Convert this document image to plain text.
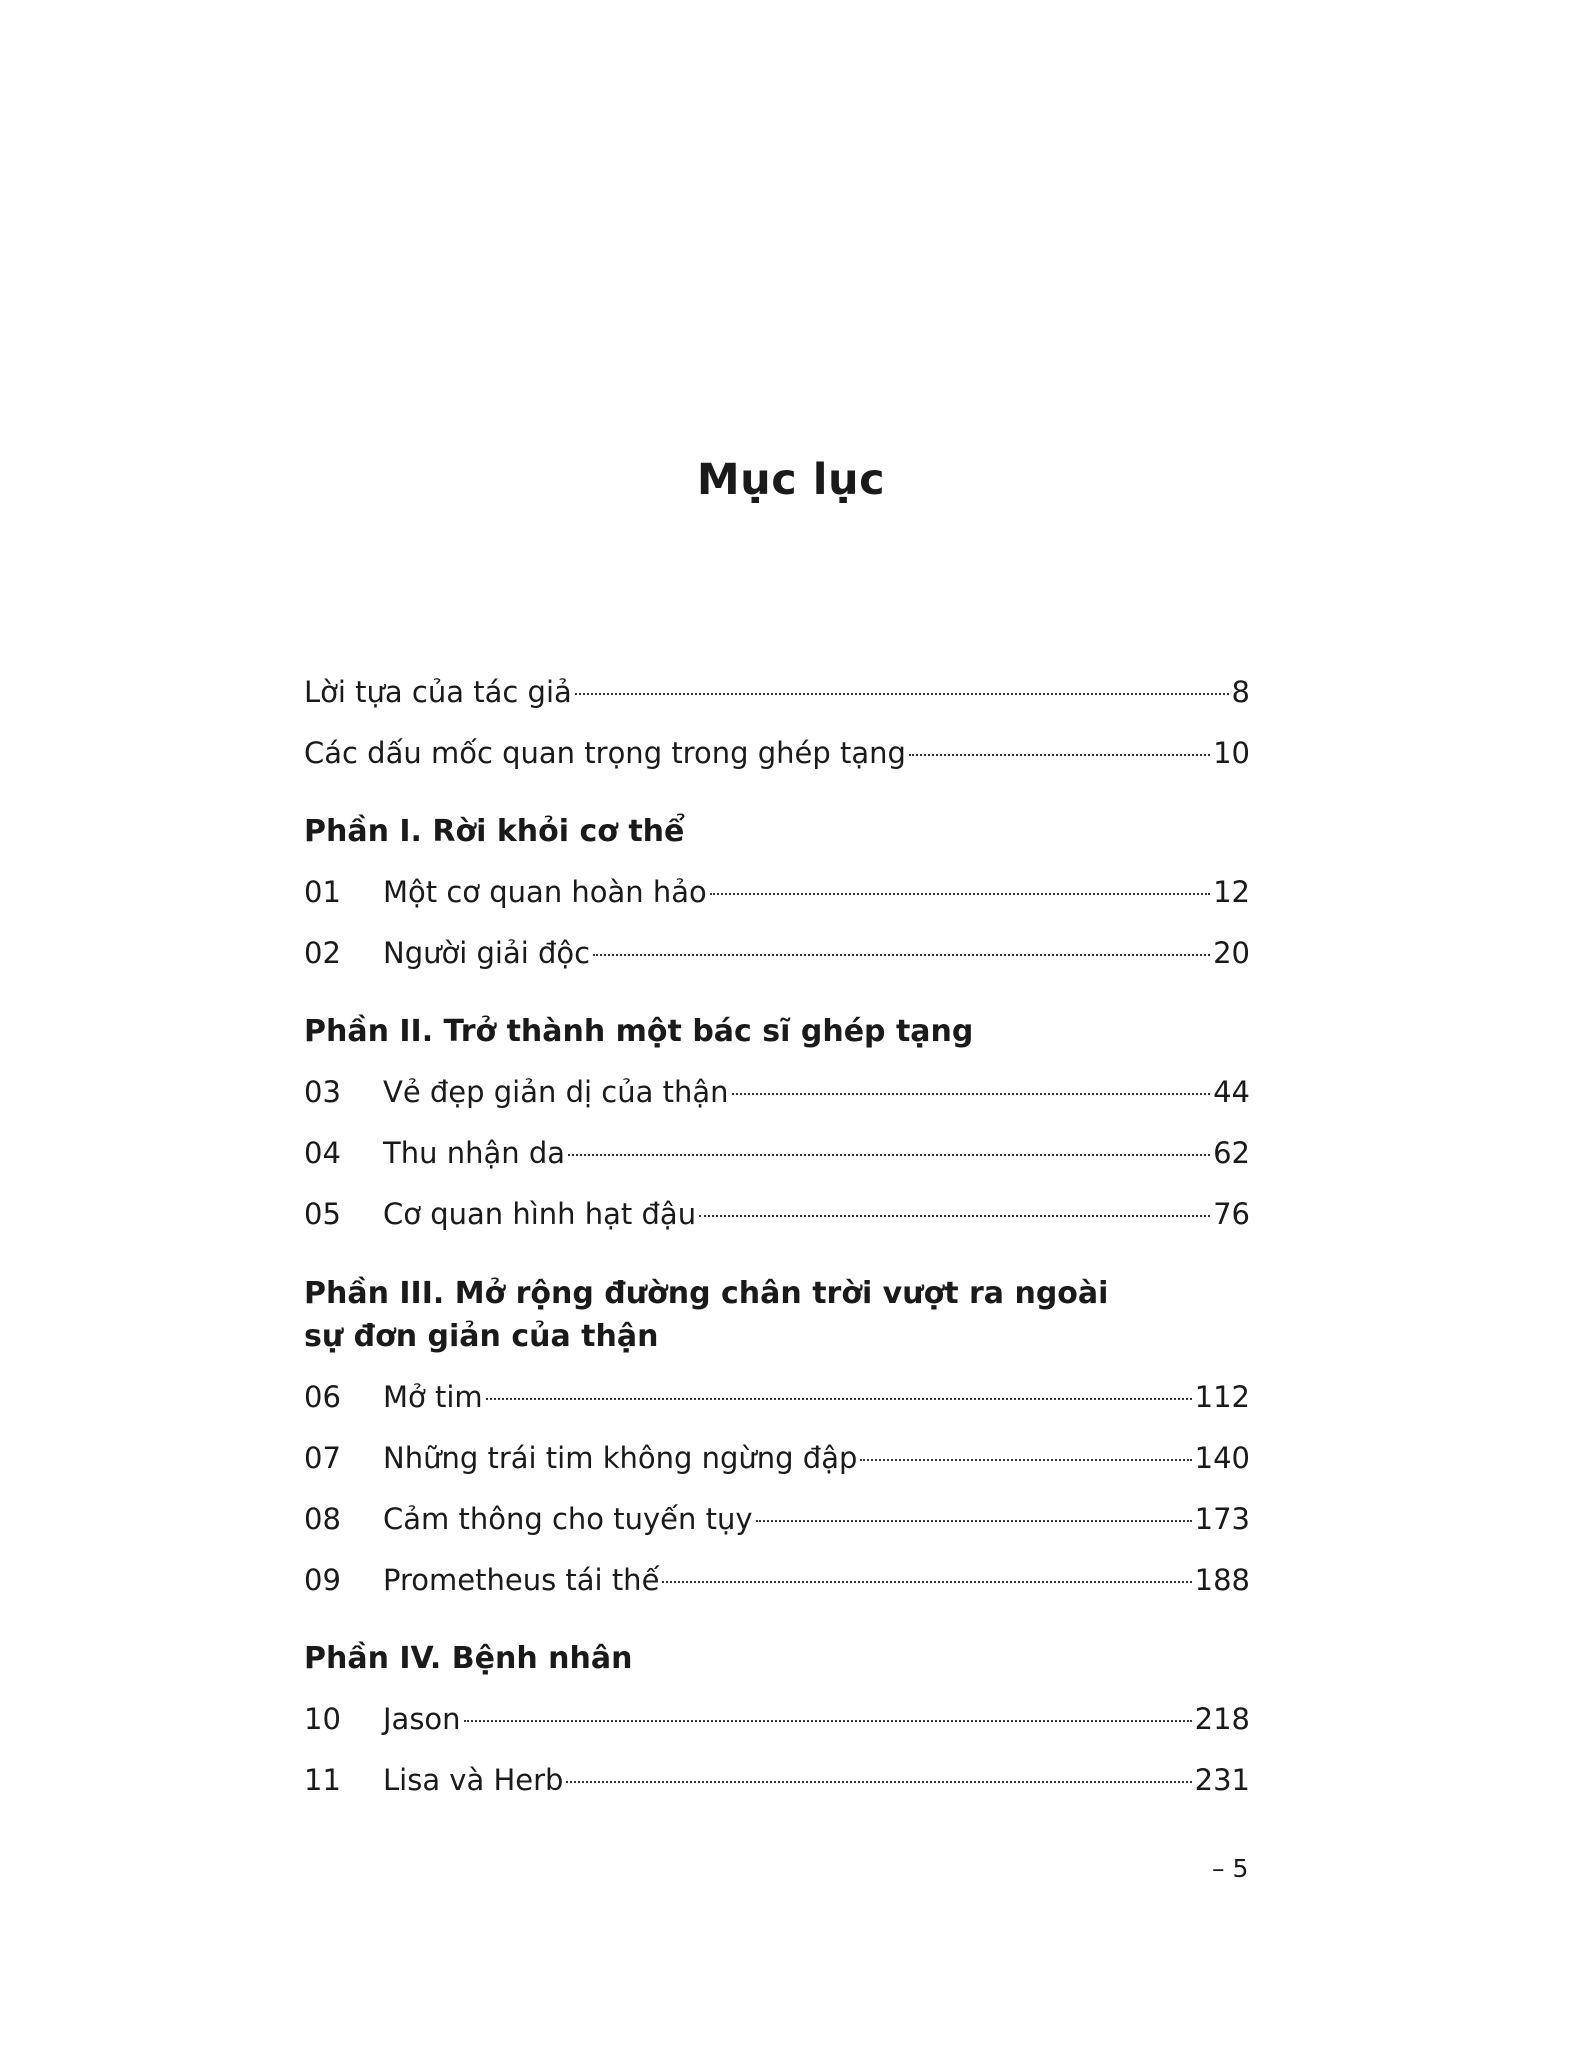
Mục lục
Lời tựa của tác giả	8
Các dấu mốc quan trọng trong ghép tạng	10
Phần I. Rời khỏi cơ thể
01	Một cơ quan hoàn hảo	12
02	Người giải độc	20
Phần II. Trở thành một bác sĩ ghép tạng
03	Vẻ đẹp giản dị của thận	44
04	Thu nhận da	62
05	Cơ quan hình hạt đậu	76
Phần III. Mở rộng đường chân trời vượt ra ngoài sự đơn giản của thận
06	Mở tim	112
07	Những trái tim không ngừng đập	140
08	Cảm thông cho tuyến tụy	173
09	Prometheus tái thế	188
Phần IV. Bệnh nhân
10	Jason	218
11	Lisa và Herb	231
– 5
